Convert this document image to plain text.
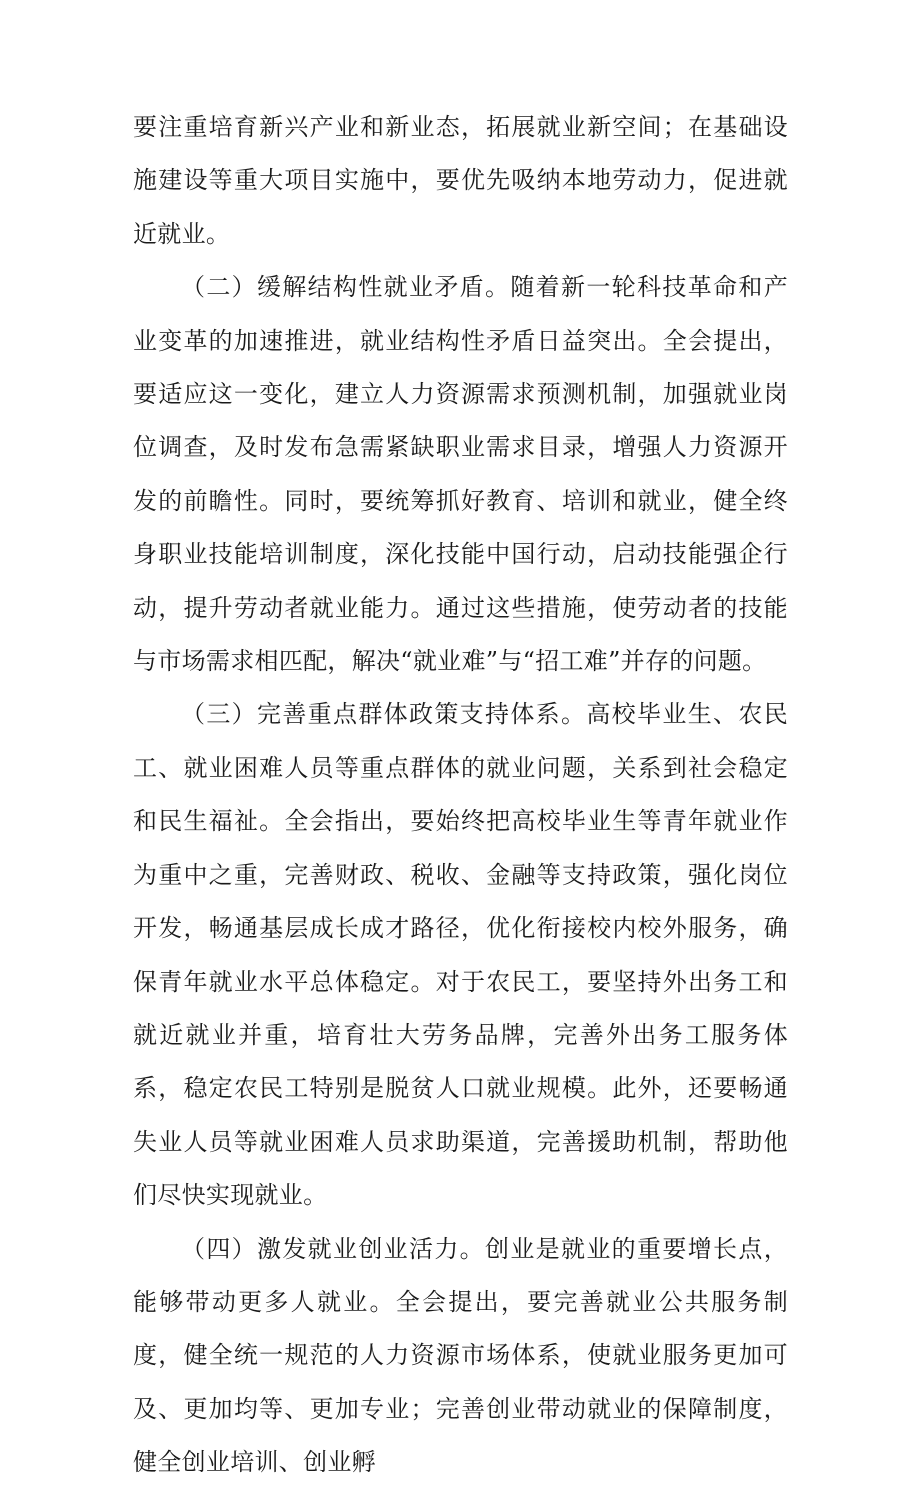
要注重培育新兴产业和新业态，拓展就业新空间；在基础设施建设等重大项目实施中，要优先吸纳本地劳动力，促进就近就业。

（二）缓解结构性就业矛盾。随着新一轮科技革命和产业变革的加速推进，就业结构性矛盾日益突出。全会提出，要适应这一变化，建立人力资源需求预测机制，加强就业岗位调查，及时发布急需紧缺职业需求目录，增强人力资源开发的前瞻性。同时，要统筹抓好教育、培训和就业，健全终身职业技能培训制度，深化技能中国行动，启动技能强企行动，提升劳动者就业能力。通过这些措施，使劳动者的技能与市场需求相匹配，解决“就业难”与“招工难”并存的问题。

（三）完善重点群体政策支持体系。高校毕业生、农民工、就业困难人员等重点群体的就业问题，关系到社会稳定和民生福祉。全会指出，要始终把高校毕业生等青年就业作为重中之重，完善财政、税收、金融等支持政策，强化岗位开发，畅通基层成长成才路径，优化衔接校内校外服务，确保青年就业水平总体稳定。对于农民工，要坚持外出务工和就近就业并重，培育壮大劳务品牌，完善外出务工服务体系，稳定农民工特别是脱贫人口就业规模。此外，还要畅通失业人员等就业困难人员求助渠道，完善援助机制，帮助他们尽快实现就业。

（四）激发就业创业活力。创业是就业的重要增长点，能够带动更多人就业。全会提出，要完善就业公共服务制度，健全统一规范的人力资源市场体系，使就业服务更加可及、更加均等、更加专业；完善创业带动就业的保障制度，健全创业培训、创业孵
